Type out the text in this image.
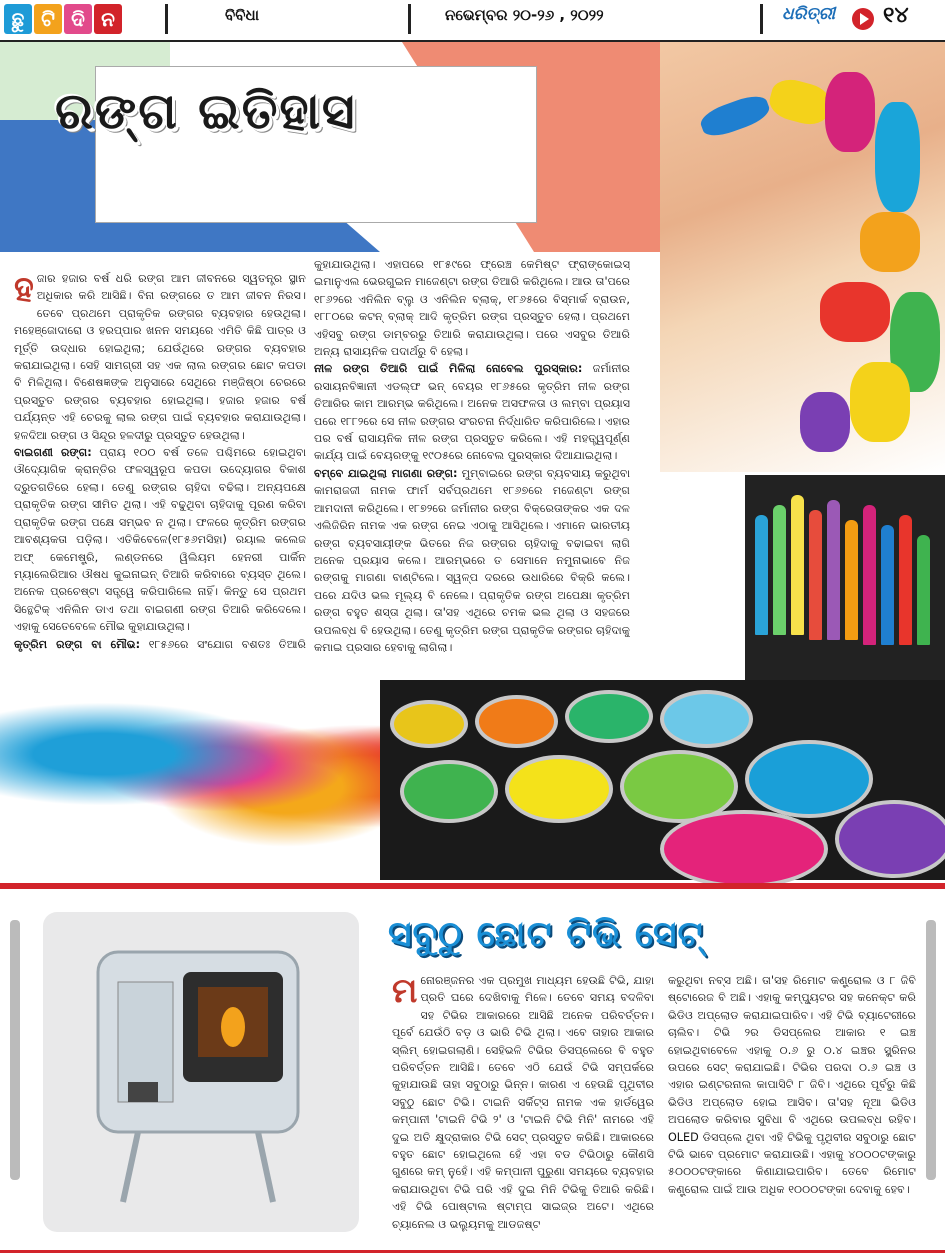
ଛୁ ଟି ଦି ନ	ବିବିଧା	ନଭେମ୍ବର ୨୦-୨୬ , ୨୦୨୨	ଧରିତ୍ରୀ ୧୪
ରଙ୍ଗ ଇତିହାସ

ହଜାର ହଜାର ବର୍ଷ ଧରି ରଙ୍ଗ ଆମ ଜୀବନରେ ସ୍ୱତନ୍ତ୍ର ସ୍ଥାନ ଅଧିକାର କରି ଆସିଛି। ବିନା ରଙ୍ଗରେ ତ ଆମ ଜୀବନ ନିରସ। ତେବେ ପ୍ରଥମେ ପ୍ରାକୃତିକ ରଙ୍ଗର ବ୍ୟବହାର ହେଉଥିଲା। ମହେଞ୍ଜୋଦାରୋ ଓ ହରପ୍ପାର ଖନନ ସମୟରେ ଏମିତି କିଛି ପାତ୍ର ଓ ମୂର୍ତ୍ତି ଉଦ୍ଧାର ହୋଇଥିଲା; ଯେଉଁଥିରେ ରଙ୍ଗର ବ୍ୟବହାର କରାଯାଇଥିଲା। ସେହି ସାମଗ୍ରୀ ସହ ଏକ ଲାଲ ରଙ୍ଗର ଛୋଟ କପଡା ବି ମିଳିଥିଲା। ବିଶେଷଜ୍ଞଙ୍କ ଅନୁସାରେ ସେଥିରେ ମଞ୍ଜିଷ୍ଠା ଚେରରେ ପ୍ରସ୍ତୁତ ରଙ୍ଗର ବ୍ୟବହାର ହୋଇଥିଲା। ହଜାର ହଜାର ବର୍ଷ ପର୍ଯ୍ୟନ୍ତ ଏହି ଚେରକୁ ଲାଲ ରଙ୍ଗ ପାଇଁ ବ୍ୟବହାର କରାଯାଉଥିଲା। ହଳଦିଆ ରଙ୍ଗ ଓ ସିନ୍ଦୂର ହଳଦୀରୁ ପ୍ରସ୍ତୁତ ହେଉଥିଲା।

ବାଇଗଣୀ ରଙ୍ଗ: ପ୍ରାୟ ୧୦୦ ବର୍ଷ ତଳେ ପଶ୍ଚିମରେ ହୋଇଥିବା ଔଦ୍ୟୋଗିକ କ୍ରାନ୍ତିର ଫଳସ୍ୱରୂପ କପଡା ଉଦ୍ୟୋଗର ବିକାଶ ଦ୍ରୁତଗତିରେ ହେଲା। ତେଣୁ ରଙ୍ଗର ଚାହିଦା ବଢିଲା। ଅନ୍ୟପକ୍ଷେ ପ୍ରାକୃତିକ ରଙ୍ଗ ସୀମିତ ଥିଲା। ଏହି ବଢୁଥିବା ଚାହିଦାକୁ ପୂରଣ କରିବା ପ୍ରାକୃତିକ ରଙ୍ଗ ପକ୍ଷେ ସମ୍ଭବ ନ ଥିଲା। ଫଳରେ କୃତ୍ରିମ ରଙ୍ଗର ଆବଶ୍ୟକତା ପଡ଼ିଲା। ଏତିକିବେଳେ(୧୮୫୬ମସିହା) ରୟାଲ କଲେଜ ଅଫ୍ କେମେଷ୍ଟ୍ରି, ଲଣ୍ଡନରେ ୱିଲିୟମ ହେନରୀ ପାର୍କିନ ମ୍ୟାଲେରିଆର ଔଷଧ କୁଇନାଇନ୍ ତିଆରି କରିବାରେ ବ୍ୟସ୍ତ ଥିଲେ। ଅନେକ ପ୍ରଚେଷ୍ଟା ସତ୍ତ୍ୱେ କରିପାରିଲେ ନାହିଁ। କିନ୍ତୁ ସେ ପ୍ରଥମ ସିନ୍ଥେଟିକ୍ ଏନିଲିନ ଡାଏ ତଥା ବାଇଗଣୀ ରଙ୍ଗ ତିଆରି କରିଦେଲେ। ଏହାକୁ ସେତେବେଳେ ମୌଭ କୁହାଯାଉଥିଲା।

କୃତ୍ରିମ ରଙ୍ଗ ବା ମୌଭ: ୧୮୫୬ରେ ସଂଯୋଗ ବଶତଃ ତିଆରି

କୁହାଯାଉଥିଲା। ଏହାପରେ ୧୮୫୯ରେ ଫ୍ରେଞ୍ଚ କେମିଷ୍ଟ ଫ୍ରାଙ୍କୋଇସ୍ ଇମାନୁଏଲ ଭେରଗୁଇନ ମାଜେଣ୍ଟା ରଙ୍ଗ ତିଆରି କରିଥିଲେ। ଆଉ ତା'ପରେ ୧୮୬୨ରେ ଏନିଲିନ ବ୍ଲୁ ଓ ଏନିଲିନ ବ୍ଲାକ୍, ୧୮୬୫ରେ ବିସ୍ମାର୍କ ବ୍ରାଉନ, ୧୮୮୦ରେ କଟନ୍ ବ୍ଲାକ୍ ଆଦି କୃତ୍ରିମ ରଙ୍ଗ ପ୍ରସ୍ତୁତ ହେଲା। ପ୍ରଥମେ ଏହିସବୁ ରଙ୍ଗ ଡାମ୍ବରରୁ ତିଆରି କରାଯାଉଥିଲା। ପରେ ଏସବୁର ତିଆରି ଅନ୍ୟ ରାସାୟନିକ ପଦାର୍ଥରୁ ବି ହେଲା।

ନୀଳ ରଙ୍ଗ ତିଆରି ପାଇଁ ମିଳିଲା ନୋବେଲ ପୁରସ୍କାର: ଜର୍ମାନୀର ରସାୟନବିଜ୍ଞାନୀ ଏଡଲ୍ଫ ଭନ୍ ବେୟର ୧୮୬୫ରେ କୃତ୍ରିମ ନୀଳ ରଙ୍ଗ ତିଆରିର କାମ ଆରମ୍ଭ କରିଥିଲେ। ଅନେକ ଅସଫଳତା ଓ ଲମ୍ବା ପ୍ରୟାସ ପରେ ୧୮୮୨ରେ ସେ ନୀଳ ରଙ୍ଗର ସଂରଚନା ନିର୍ଦ୍ଧାରିତ କରିପାରିଲେ। ଏହାର ପର ବର୍ଷ ରାସାୟନିକ ନୀଳ ରଙ୍ଗ ପ୍ରସ୍ତୁତ କରିଲେ। ଏହି ମହତ୍ତ୍ୱପୂର୍ଣ୍ଣ କାର୍ଯ୍ୟ ପାଇଁ ବେୟରଙ୍କୁ ୧୯୦୫ରେ ନୋବେଲ ପୁରସ୍କାର ଦିଆଯାଇଥିଲା।

ବମ୍ବେ ଯାଇଥିଲା ମାଗଣା ରଙ୍ଗ: ମୁମ୍ବାଇରେ ରଙ୍ଗ ବ୍ୟବସାୟ କରୁଥିବା କାମରାଜଜୀ ନାମକ ଫାର୍ମ ସର୍ବପ୍ରଥମେ ୧୮୬୭ରେ ମଜେଣ୍ଟା ରଙ୍ଗ ଆମଦାନୀ କରିଥିଲେ। ୧୮୭୨ରେ ଜର୍ମାନୀର ରଙ୍ଗ ବିକ୍ରେତାଙ୍କର ଏକ ଦଳ ଏଲିଜିରିନ ନାମକ ଏକ ରଙ୍ଗ ନେଇ ଏଠାକୁ ଆସିଥିଲେ। ଏମାନେ ଭାରତୀୟ ରଙ୍ଗ ବ୍ୟବସାୟୀଙ୍କ ଭିତରେ ନିଜ ରଙ୍ଗର ଚାହିଦାକୁ ବଢାଇବା ଲାଗି ଅନେକ ପ୍ରୟାସ କଲେ। ଆରମ୍ଭରେ ତ ସେମାନେ ନମୁନାଭାବେ ନିଜ ରଙ୍ଗକୁ ମାଗଣା ବାଣ୍ଟିଲେ। ସ୍ୱଳ୍ପ ଦରରେ ଉଧାରିରେ ବିକ୍ରି କଲେ। ପରେ ଯଦିଓ ଭଲ ମୂଲ୍ୟ ବି ନେଲେ। ପ୍ରାକୃତିକ ରଙ୍ଗ ଅପେକ୍ଷା କୃତ୍ରିମ ରଙ୍ଗ ବହୁତ ଶସ୍ତା ଥିଲା। ତା'ସହ ଏଥିରେ ଚମକ ଭଲ ଥିଲା ଓ ସହଜରେ ଉପଲବ୍ଧ ବି ହେଉଥିଲା। ତେଣୁ କୃତ୍ରିମ ରଙ୍ଗ ପ୍ରାକୃତିକ ରଙ୍ଗର ଚାହିଦାକୁ କମାଇ ପ୍ରସାର ହେବାକୁ ଲାଗିଲା।

ସବୁଠୁ ଛୋଟ ଟିଭି ସେଟ୍

ମନୋରଞ୍ଜନର ଏକ ପ୍ରମୁଖ ମାଧ୍ୟମ ହେଉଛି ଟିଭି, ଯାହା ପ୍ରତି ଘରେ ଦେଖିବାକୁ ମିଳେ। ତେବେ ସମୟ ବଦଳିବା ସହ ଟିଭିର ଆକାରରେ ଆସିଛି ଅନେକ ପରିବର୍ତ୍ତନ। ପୂର୍ବେ ଯେଉଁଠି ବଡ଼ ଓ ଭାରି ଟିଭି ଥିଲା। ଏବେ ତାହାର ଆକାର ସ୍ଲିମ୍ ହୋଇଗଲାଣି। ସେହିଭଳି ଟିଭିର ଡିସପ୍ଲେରେ ବି ବହୁତ ପରିବର୍ତ୍ତନ ଆସିଛି। ତେବେ ଏଠି ଯେଉଁ ଟିଭି ସମ୍ପର୍କରେ କୁହାଯାଉଛି ତାହା ସବୁଠାରୁ ଭିନ୍ନ। କାରଣ ଏ ହେଉଛି ପୃଥିବୀର ସବୁଠୁ ଛୋଟ ଟିଭି। ଟାଇନି ସର୍କିଟ୍ସ ନାମକ ଏକ ହାର୍ଡୱେର କମ୍ପାନୀ 'ଟାଇନି ଟିଭି ୨' ଓ 'ଟାଇନି ଟିଭି ମିନି' ନାମରେ ଏହି ଦୁଇ ଅତି କ୍ଷୁଦ୍ରାକାର ଟିଭି ସେଟ୍ ପ୍ରସ୍ତୁତ କରିଛି। ଆକାରରେ ବହୁତ ଛୋଟ ହୋଇଥିଲେ ହେଁ ଏହା ବଡ ଟିଭିଠାରୁ କୌଣସି ଗୁଣରେ କମ୍ ନୁହେଁ। ଏହି କମ୍ପାନୀ ପୁରୁଣା ସମୟରେ ବ୍ୟବହାର କରାଯାଉଥିବା ଟିଭି ପରି ଏହି ଦୁଇ ମିନି ଟିଭିକୁ ତିଆରି କରିଛି। ଏହି ଟିଭି ପୋଷ୍ଟାଲ ଷ୍ଟାମ୍ପ ସାଇଜ୍‌ର ଅଟେ। ଏଥିରେ ଚ୍ୟାନେଲ ଓ ଭଲ୍ୟୁମକୁ ଆଡଜଷ୍ଟ

କରୁଥିବା ନବ୍ସ ଅଛି। ତା'ସହ ରିମୋଟ କଣ୍ଟ୍ରୋଲ ଓ ୮ ଜିବି ଷ୍ଟୋରେଜ ବି ଅଛି। ଏହାକୁ କମ୍ପ୍ୟୁଟର ସହ କନେକ୍ଟ କରି ଭିଡିଓ ଅପ୍‌ଲୋଡ କରାଯାଇପାରିବ। ଏହି ଟିଭି ବ୍ୟାଟେରୀରେ ଚାଲିବ। ଟିଭି ୨ର ଡିସପ୍ଲେର ଆକାର ୧ ଇଞ୍ଚ ହୋଇଥିବାବେଳେ ଏହାକୁ ୦.୬ ରୁ ୦.୪ ଇଞ୍ଚର ସ୍କ୍ରିନର ଉପରେ ସେଟ୍ କରାଯାଇଛି। ଟିଭିର ପରଦା ୦.୬ ଇଞ୍ଚ ଓ ଏହାର ଇଣ୍ଟରନାଲ କାପାସିଟି ୮ ଜିବି। ଏଥିରେ ପୂର୍ବରୁ କିଛି ଭିଡିଓ ଅପ୍‌ଲୋଡ ହୋଇ ଆସିବ। ତା'ସହ ନୂଆ ଭିଡିଓ ଅପଲୋଡ କରିବାର ସୁବିଧା ବି ଏଥିରେ ଉପଲବ୍ଧ ରହିବ। OLED ଡିସପ୍ଲେ ଥିବା ଏହି ଟିଭିକୁ ପୃଥିବୀର ସବୁଠାରୁ ଛୋଟ ଟିଭି ଭାବେ ପ୍ରମୋଟ କରାଯାଉଛି। ଏହାକୁ ୪୦୦୦ଟଙ୍କାରୁ ୫୦୦୦ଟଙ୍କାରେ କିଣାଯାଇପାରିବ। ତେବେ ରିମୋଟ କଣ୍ଟ୍ରୋଲ ପାଇଁ ଆଉ ଅଧିକ ୧୦୦୦ଟଙ୍କା ଦେବାକୁ ହେବ।
